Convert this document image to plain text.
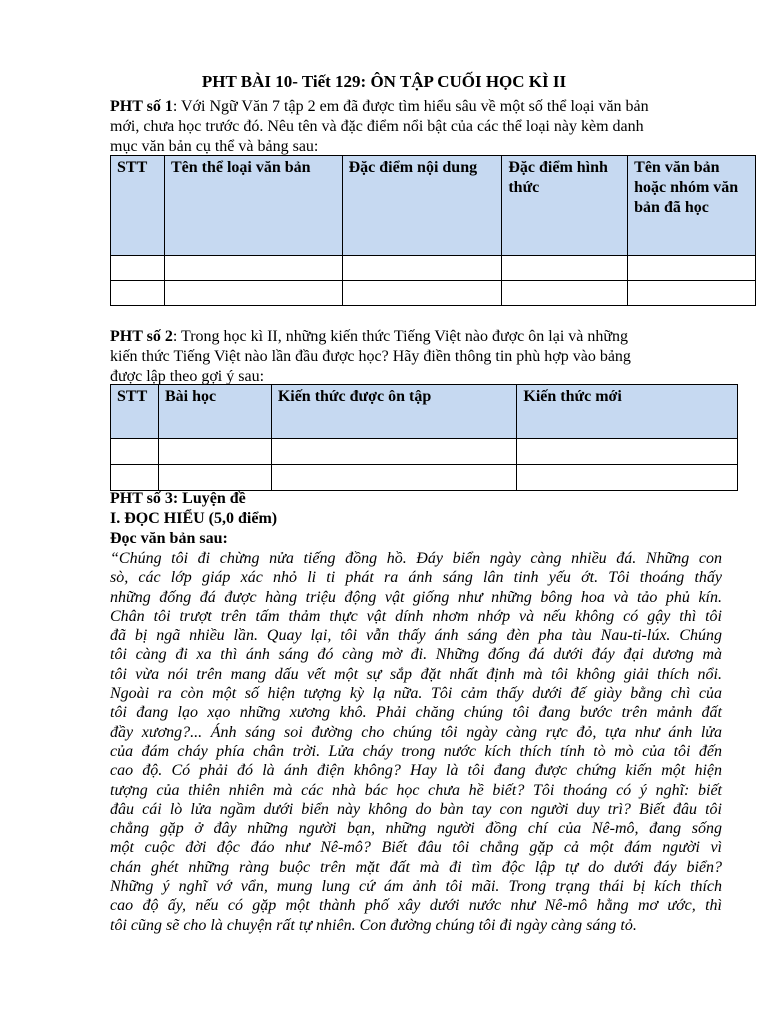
PHT BÀI 10- Tiết 129: ÔN TẬP CUỐI HỌC KÌ II
PHT số 1: Với Ngữ Văn 7 tập 2 em đã được tìm hiểu sâu về một số thể loại văn bản
mới, chưa học trước đó. Nêu tên và đặc điểm nổi bật của các thể loại này kèm danh
mục văn bản cụ thể và bảng sau:
STT	Tên thể loại văn bản	Đặc điểm nội dung	Đặc điểm hình thức	Tên văn bản hoặc nhóm văn bản đã học

PHT số 2: Trong học kì II, những kiến thức Tiếng Việt nào được ôn lại và những
kiến thức Tiếng Việt nào lần đầu được học? Hãy điền thông tin phù hợp vào bảng
được lập theo gợi ý sau:
STT	Bài học	Kiến thức được ôn tập	Kiến thức mới

PHT số 3: Luyện đề
I. ĐỌC HIỂU (5,0 điểm)
Đọc văn bản sau:
“Chúng tôi đi chừng nửa tiếng đồng hồ. Đáy biển ngày càng nhiều đá. Những con
sò, các lớp giáp xác nhỏ li ti phát ra ánh sáng lân tinh yếu ớt. Tôi thoáng thấy
những đống đá được hàng triệu động vật giống như những bông hoa và tảo phủ kín.
Chân tôi trượt trên tấm thảm thực vật dính nhơm nhớp và nếu không có gậy thì tôi
đã bị ngã nhiều lần. Quay lại, tôi vẫn thấy ánh sáng đèn pha tàu Nau-ti-lúx. Chúng
tôi càng đi xa thì ánh sáng đó càng mờ đi. Những đống đá dưới đáy đại dương mà
tôi vừa nói trên mang dấu vết một sự sắp đặt nhất định mà tôi không giải thích nổi.
Ngoài ra còn một số hiện tượng kỳ lạ nữa. Tôi cảm thấy dưới đế giày bằng chì của
tôi đang lạo xạo những xương khô. Phải chăng chúng tôi đang bước trên mảnh đất
đầy xương?... Ánh sáng soi đường cho chúng tôi ngày càng rực đỏ, tựa như ánh lửa
của đám cháy phía chân trời. Lửa cháy trong nước kích thích tính tò mò của tôi đến
cao độ. Có phải đó là ánh điện không? Hay là tôi đang được chứng kiến một hiện
tượng của thiên nhiên mà các nhà bác học chưa hề biết? Tôi thoáng có ý nghĩ: biết
đâu cái lò lửa ngầm dưới biển này không do bàn tay con người duy trì? Biết đâu tôi
chẳng gặp ở đây những người bạn, những người đồng chí của Nê-mô, đang sống
một cuộc đời độc đáo như Nê-mô? Biết đâu tôi chẳng gặp cả một đám người vì
chán ghét những ràng buộc trên mặt đất mà đi tìm độc lập tự do dưới đáy biển?
Những ý nghĩ vớ vẩn, mung lung cứ ám ảnh tôi mãi. Trong trạng thái bị kích thích
cao độ ấy, nếu có gặp một thành phố xây dưới nước như Nê-mô hằng mơ ước, thì
tôi cũng sẽ cho là chuyện rất tự nhiên. Con đường chúng tôi đi ngày càng sáng tỏ.
